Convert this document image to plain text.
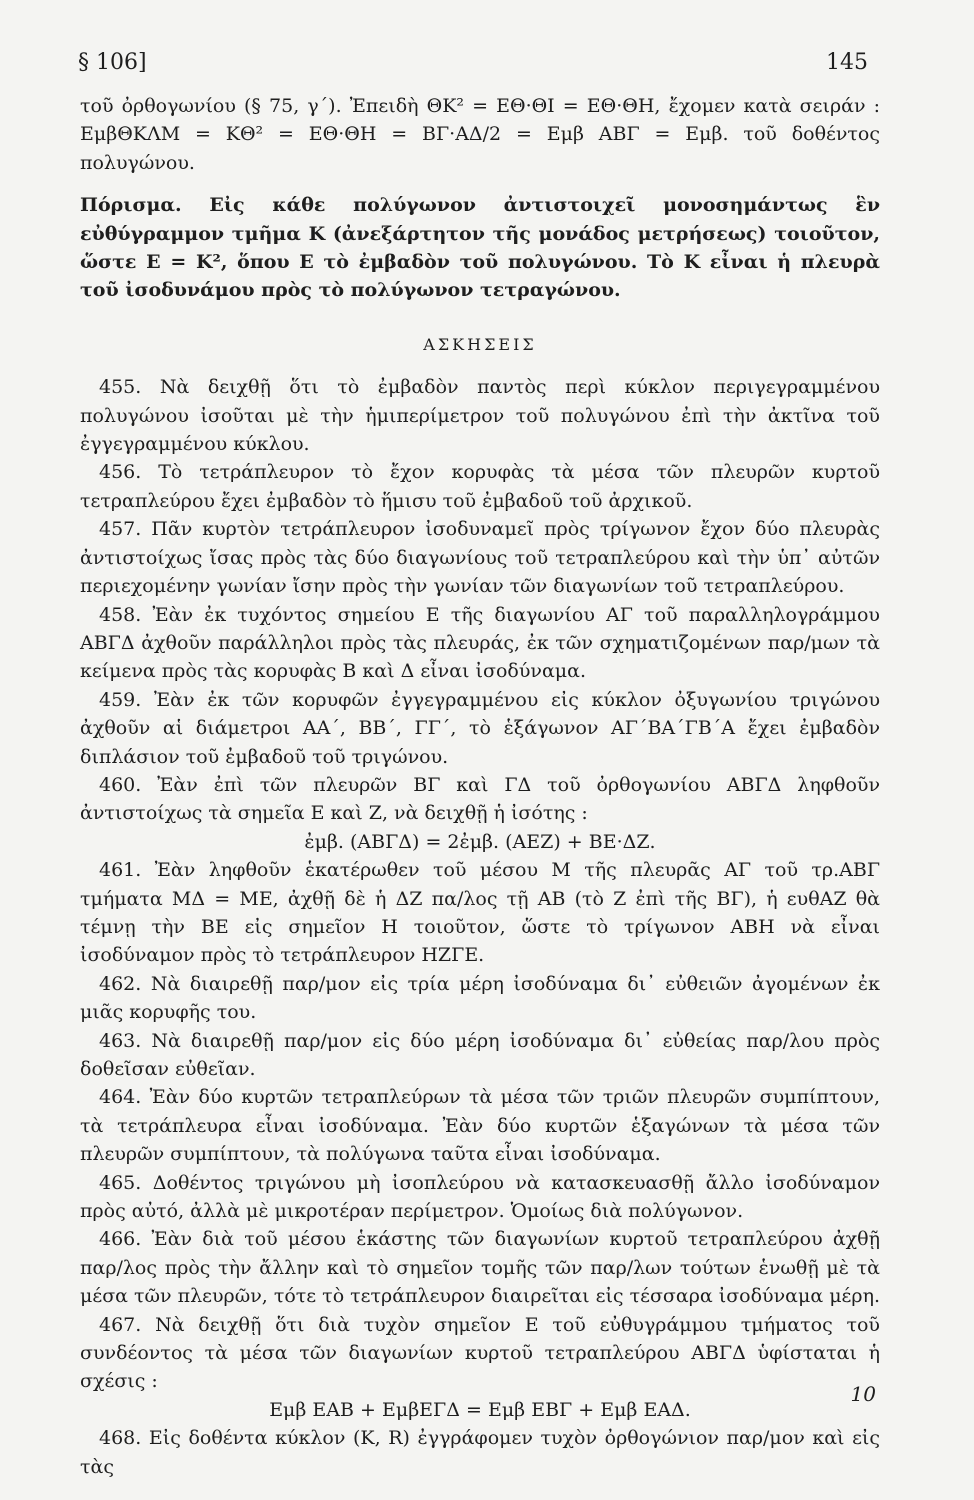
§ 106]	145

τοῦ ὀρθογωνίου (§ 75, γ΄). Ἐπειδὴ ΘΚ² = ΕΘ·ΘΙ = ΕΘ·ΘΗ, ἔχομεν κατὰ σειράν : ΕμβΘΚΛΜ = ΚΘ² = ΕΘ·ΘΗ = ΒΓ·ΑΔ/2 = Εμβ ΑΒΓ = Εμβ. τοῦ δοθέντος πολυγώνου.

Πόρισμα. Εἰς κάθε πολύγωνον ἀντιστοιχεῖ μονοσημάντως ἓν εὐθύγραμμον τμῆμα Κ (ἀνεξάρτητον τῆς μονάδος μετρήσεως) τοιοῦτον, ὥστε Ε = Κ², ὅπου Ε τὸ ἐμβαδὸν τοῦ πολυγώνου. Τὸ Κ εἶναι ἡ πλευρὰ τοῦ ἰσοδυνάμου πρὸς τὸ πολύγωνον τετραγώνου.

ΑΣΚΗΣΕΙΣ

 455. Νὰ δειχθῇ ὅτι τὸ ἐμβαδὸν παντὸς περὶ κύκλον περιγεγραμμένου πολυγώνου ἰσοῦται μὲ τὴν ἡμιπερίμετρον τοῦ πολυγώνου ἐπὶ τὴν ἀκτῖνα τοῦ ἐγγεγραμμένου κύκλου.

 456. Τὸ τετράπλευρον τὸ ἔχον κορυφὰς τὰ μέσα τῶν πλευρῶν κυρτοῦ τετραπλεύρου ἔχει ἐμβαδὸν τὸ ἥμισυ τοῦ ἐμβαδοῦ τοῦ ἀρχικοῦ.

 457. Πᾶν κυρτὸν τετράπλευρον ἰσοδυναμεῖ πρὸς τρίγωνον ἔχον δύο πλευρὰς ἀντιστοίχως ἴσας πρὸς τὰς δύο διαγωνίους τοῦ τετραπλεύρου καὶ τὴν ὑπ᾽ αὐτῶν περιεχομένην γωνίαν ἴσην πρὸς τὴν γωνίαν τῶν διαγωνίων τοῦ τετραπλεύρου.

 458. Ἐὰν ἐκ τυχόντος σημείου Ε τῆς διαγωνίου ΑΓ τοῦ παραλληλογράμμου ΑΒΓΔ ἀχθοῦν παράλληλοι πρὸς τὰς πλευράς, ἐκ τῶν σχηματιζομένων παρ/μων τὰ κείμενα πρὸς τὰς κορυφὰς Β καὶ Δ εἶναι ἰσοδύναμα.

 459. Ἐὰν ἐκ τῶν κορυφῶν ἐγγεγραμμένου εἰς κύκλον ὀξυγωνίου τριγώνου ἀχθοῦν αἱ διάμετροι ΑΑ΄, ΒΒ΄, ΓΓ΄, τὸ ἑξάγωνον ΑΓ΄ΒΑ΄ΓΒ΄Α ἔχει ἐμβαδὸν διπλάσιον τοῦ ἐμβαδοῦ τοῦ τριγώνου.

 460. Ἐὰν ἐπὶ τῶν πλευρῶν ΒΓ καὶ ΓΔ τοῦ ὀρθογωνίου ΑΒΓΔ ληφθοῦν ἀντιστοίχως τὰ σημεῖα Ε καὶ Ζ, νὰ δειχθῇ ἡ ἰσότης :

ἐμβ. (ΑΒΓΔ) = 2ἐμβ. (ΑΕΖ) + ΒΕ·ΔΖ.

 461. Ἐὰν ληφθοῦν ἑκατέρωθεν τοῦ μέσου Μ τῆς πλευρᾶς ΑΓ τοῦ τρ.ΑΒΓ τμήματα ΜΔ = ΜΕ, ἀχθῇ δὲ ἡ ΔΖ πα/λος τῇ ΑΒ (τὸ Ζ ἐπὶ τῆς ΒΓ), ἡ ευθΑΖ θὰ τέμνῃ τὴν ΒΕ εἰς σημεῖον Η τοιοῦτον, ὥστε τὸ τρίγωνον ΑΒΗ νὰ εἶναι ἰσοδύναμον πρὸς τὸ τετράπλευρον ΗΖΓΕ.

 462. Νὰ διαιρεθῇ παρ/μον εἰς τρία μέρη ἰσοδύναμα δι᾽ εὐθειῶν ἀγομένων ἐκ μιᾶς κορυφῆς του.

 463. Νὰ διαιρεθῇ παρ/μον εἰς δύο μέρη ἰσοδύναμα δι᾽ εὐθείας παρ/λου πρὸς δοθεῖσαν εὐθεῖαν.

 464. Ἐὰν δύο κυρτῶν τετραπλεύρων τὰ μέσα τῶν τριῶν πλευρῶν συμπίπτουν, τὰ τετράπλευρα εἶναι ἰσοδύναμα. Ἐὰν δύο κυρτῶν ἑξαγώνων τὰ μέσα τῶν πλευρῶν συμπίπτουν, τὰ πολύγωνα ταῦτα εἶναι ἰσοδύναμα.

 465. Δοθέντος τριγώνου μὴ ἰσοπλεύρου νὰ κατασκευασθῇ ἄλλο ἰσοδύναμον πρὸς αὐτό, ἀλλὰ μὲ μικροτέραν περίμετρον. Ὁμοίως διὰ πολύγωνον.

 466. Ἐὰν διὰ τοῦ μέσου ἑκάστης τῶν διαγωνίων κυρτοῦ τετραπλεύρου ἀχθῇ παρ/λος πρὸς τὴν ἄλλην καὶ τὸ σημεῖον τομῆς τῶν παρ/λων τούτων ἑνωθῇ μὲ τὰ μέσα τῶν πλευρῶν, τότε τὸ τετράπλευρον διαιρεῖται εἰς τέσσαρα ἰσοδύναμα μέρη.

 467. Νὰ δειχθῇ ὅτι διὰ τυχὸν σημεῖον Ε τοῦ εὐθυγράμμου τμήματος τοῦ συνδέοντος τὰ μέσα τῶν διαγωνίων κυρτοῦ τετραπλεύρου ΑΒΓΔ ὑφίσταται ἡ σχέσις :

Εμβ ΕΑΒ + ΕμβΕΓΔ = Εμβ ΕΒΓ + Εμβ ΕΑΔ.

 468. Εἰς δοθέντα κύκλον (Κ, R) ἐγγράφομεν τυχὸν ὀρθογώνιον παρ/μον καὶ εἰς τὰς

10
